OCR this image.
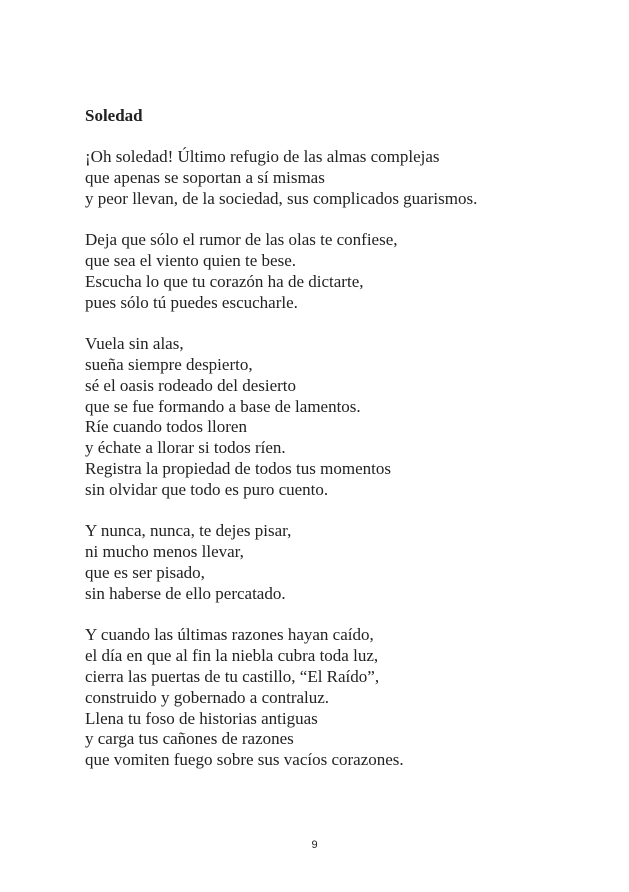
Soledad

¡Oh soledad! Último refugio de las almas complejas
que apenas se soportan a sí mismas
y peor llevan, de la sociedad, sus complicados guarismos.

Deja que sólo el rumor de las olas te confiese,
que sea el viento quien te bese.
Escucha lo que tu corazón ha de dictarte,
pues sólo tú puedes escucharle.

Vuela sin alas,
sueña siempre despierto,
sé el oasis rodeado del desierto
que se fue formando a base de lamentos.
Ríe cuando todos lloren
y échate a llorar si todos ríen.
Registra la propiedad de todos tus momentos
sin olvidar que todo es puro cuento.

Y nunca, nunca, te dejes pisar,
ni mucho menos llevar,
que es ser pisado,
sin haberse de ello percatado.

Y cuando las últimas razones hayan caído,
el día en que al fin la niebla cubra toda luz,
cierra las puertas de tu castillo, “El Raído”,
construido y gobernado a contraluz.
Llena tu foso de historias antiguas
y carga tus cañones de razones
que vomiten fuego sobre sus vacíos corazones.

9
